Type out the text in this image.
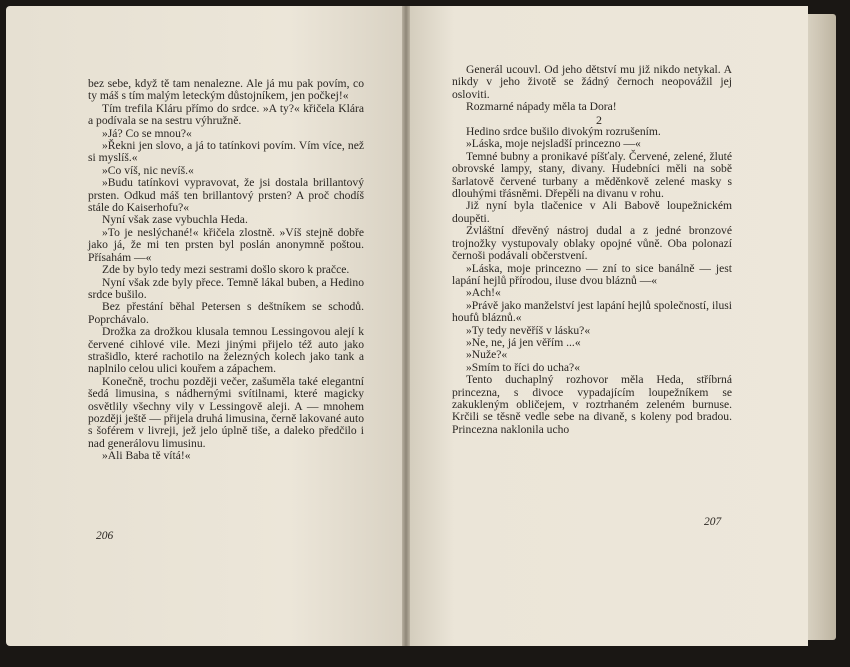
bez sebe, když tě tam nenalezne. Ale já mu pak povím, co ty máš s tím malým leteckým důstojníkem, jen počkej!«

Tím trefila Kláru přímo do srdce. »A ty?« křičela Klára a podívala se na sestru výhružně.

»Já? Co se mnou?«

»Řekni jen slovo, a já to tatínkovi povím. Vím více, než si myslíš.«

»Co víš, nic nevíš.«

»Budu tatínkovi vypravovat, že jsi dostala brillantový prsten. Odkud máš ten brillantový prsten? A proč chodíš stále do Kaiserhofu?«

Nyní však zase vybuchla Heda.

»To je neslýchané!« křičela zlostně. »Víš stejně dobře jako já, že mi ten prsten byl poslán anonymně poštou. Přísahám —«

Zde by bylo tedy mezi sestrami došlo skoro k pračce.

Nyní však zde byly přece. Temně lákal buben, a Hedino srdce bušilo.

Bez přestání běhal Petersen s deštníkem se schodů. Poprchávalo.

Drožka za drožkou klusala temnou Lessingovou alejí k červené cihlové vile. Mezi jinými přijelo též auto jako strašidlo, které rachotilo na železných kolech jako tank a naplnilo celou ulici kouřem a zápachem.

Konečně, trochu později večer, zašuměla také elegantní šedá limusina, s nádhernými svítilnami, které magicky osvětlily všechny vily v Lessingově aleji. A — mnohem později ještě — přijela druhá limusina, černě lakované auto s šoférem v livreji, jež jelo úplně tiše, a daleko předčilo i nad generálovu limusinu.

»Ali Baba tě vítá!«

206

Generál ucouvl. Od jeho dětství mu již nikdo netykal. A nikdy v jeho životě se žádný černoch neopovážil jej osloviti.

Rozmarné nápady měla ta Dora!

2

Hedino srdce bušilo divokým rozrušením.

»Láska, moje nejsladší princezno —«

Temné bubny a pronikavé píšťaly. Červené, zelené, žluté obrovské lampy, stany, divany. Hudebníci měli na sobě šarlatově červené turbany a měděnkově zelené masky s dlouhými třásněmi. Dřepěli na divanu v rohu.

Již nyní byla tlačenice v Ali Babově loupežnickém doupěti.

Zvláštní dřevěný nástroj dudal a z jedné bronzové trojnožky vystupovaly oblaky opojné vůně. Oba polonazí černoši podávali občerstvení.

»Láska, moje princezno — zní to sice banálně — jest lapání hejlů přírodou, iluse dvou bláznů —«

»Ach!«

»Právě jako manželství jest lapání hejlů společností, ilusi houfů bláznů.«

»Ty tedy nevěříš v lásku?«

»Ne, ne, já jen věřím ...«

»Nuže?«

»Smím to říci do ucha?«

Tento duchaplný rozhovor měla Heda, stříbrná princezna, s divoce vypadajícím loupežníkem se zakukleným obličejem, v roztrhaném zeleném burnuse. Krčili se těsně vedle sebe na divaně, s koleny pod bradou. Princezna naklonila ucho

207
